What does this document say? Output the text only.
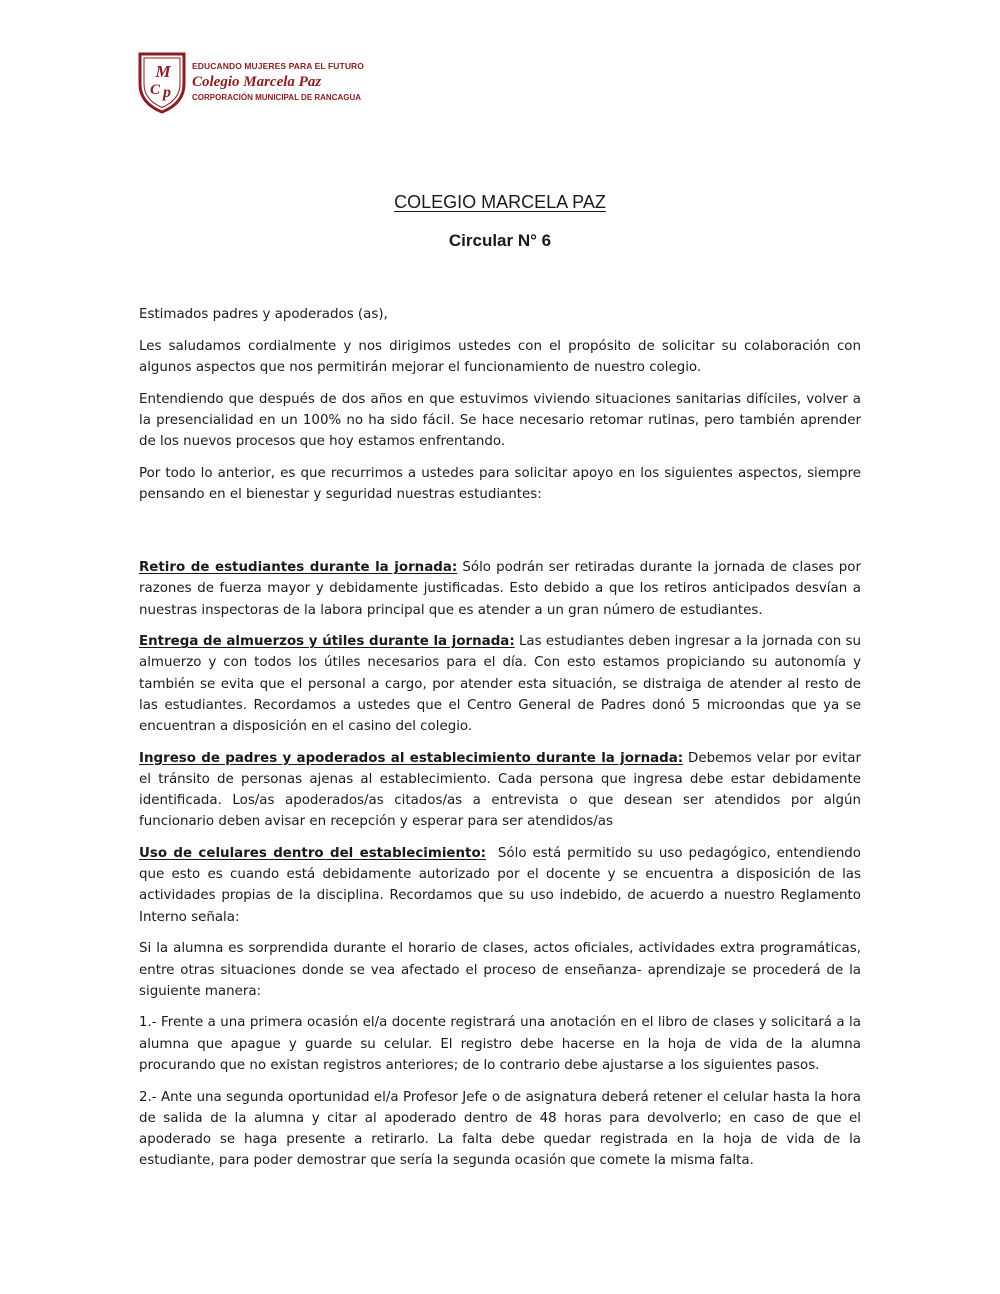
M
C p
EDUCANDO MUJERES PARA EL FUTURO
Colegio Marcela Paz
CORPORACIÓN MUNICIPAL DE RANCAGUA
COLEGIO MARCELA PAZ
Circular N° 6

Estimados padres y apoderados (as),

Les saludamos cordialmente y nos dirigimos ustedes con el propósito de solicitar su colaboración con algunos aspectos que nos permitirán mejorar el funcionamiento de nuestro colegio.

Entendiendo que después de dos años en que estuvimos viviendo situaciones sanitarias difíciles, volver a la presencialidad en un 100% no ha sido fácil. Se hace necesario retomar rutinas, pero también aprender de los nuevos procesos que hoy estamos enfrentando.

Por todo lo anterior, es que recurrimos a ustedes para solicitar apoyo en los siguientes aspectos, siempre pensando en el bienestar y seguridad nuestras estudiantes:

Retiro de estudiantes durante la jornada: Sólo podrán ser retiradas durante la jornada de clases por razones de fuerza mayor y debidamente justificadas. Esto debido a que los retiros anticipados desvían a nuestras inspectoras de la labora principal que es atender a un gran número de estudiantes.

Entrega de almuerzos y útiles durante la jornada: Las estudiantes deben ingresar a la jornada con su almuerzo y con todos los útiles necesarios para el día. Con esto estamos propiciando su autonomía y también se evita que el personal a cargo, por atender esta situación, se distraiga de atender al resto de las estudiantes. Recordamos a ustedes que el Centro General de Padres donó 5 microondas que ya se encuentran a disposición en el casino del colegio.

Ingreso de padres y apoderados al establecimiento durante la jornada: Debemos velar por evitar el tránsito de personas ajenas al establecimiento. Cada persona que ingresa debe estar debidamente identificada. Los/as apoderados/as citados/as a entrevista o que desean ser atendidos por algún funcionario deben avisar en recepción y esperar para ser atendidos/as

Uso de celulares dentro del establecimiento:  Sólo está permitido su uso pedagógico, entendiendo que esto es cuando está debidamente autorizado por el docente y se encuentra a disposición de las actividades propias de la disciplina. Recordamos que su uso indebido, de acuerdo a nuestro Reglamento Interno señala:

Si la alumna es sorprendida durante el horario de clases, actos oficiales, actividades extra programáticas, entre otras situaciones donde se vea afectado el proceso de enseñanza- aprendizaje se procederá de la siguiente manera:

1.- Frente a una primera ocasión el/a docente registrará una anotación en el libro de clases y solicitará a la alumna que apague y guarde su celular. El registro debe hacerse en la hoja de vida de la alumna procurando que no existan registros anteriores; de lo contrario debe ajustarse a los siguientes pasos.

2.- Ante una segunda oportunidad el/a Profesor Jefe o de asignatura deberá retener el celular hasta la hora de salida de la alumna y citar al apoderado dentro de 48 horas para devolverlo; en caso de que el apoderado se haga presente a retirarlo. La falta debe quedar registrada en la hoja de vida de la estudiante, para poder demostrar que sería la segunda ocasión que comete la misma falta.
